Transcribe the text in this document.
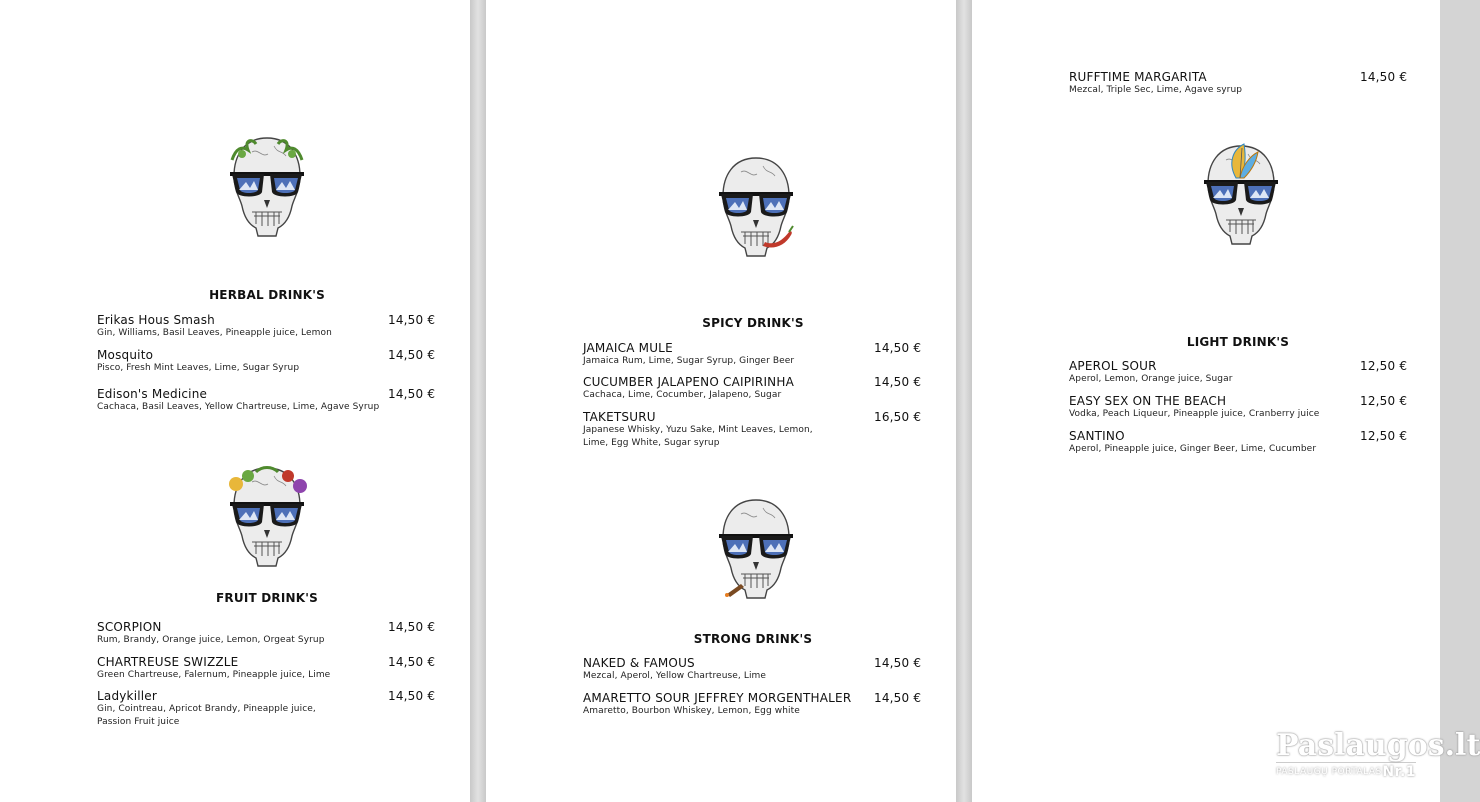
HERBAL DRINK'S
Erikas Hous Smash
Gin, Williams, Basil Leaves, Pineapple juice, Lemon
14,50 €
Mosquito
Pisco, Fresh Mint Leaves, Lime, Sugar Syrup
14,50 €
Edison's Medicine
Cachaca, Basil Leaves, Yellow Chartreuse, Lime, Agave Syrup
14,50 €
FRUIT DRINK'S
SCORPION
Rum, Brandy, Orange juice, Lemon, Orgeat Syrup
14,50 €
CHARTREUSE SWIZZLE
Green Chartreuse, Falernum, Pineapple juice, Lime
14,50 €
Ladykiller
Gin, Cointreau, Apricot Brandy, Pineapple juice, Passion Fruit juice
14,50 €
SPICY DRINK'S
JAMAICA MULE
Jamaica Rum, Lime, Sugar Syrup, Ginger Beer
14,50 €
CUCUMBER JALAPENO CAIPIRINHA
Cachaca, Lime, Cocumber, Jalapeno, Sugar
14,50 €
TAKETSURU
Japanese Whisky, Yuzu Sake, Mint Leaves, Lemon, Lime, Egg White, Sugar syrup
16,50 €
STRONG DRINK'S
NAKED & FAMOUS
Mezcal, Aperol, Yellow Chartreuse, Lime
14,50 €
AMARETTO SOUR JEFFREY MORGENTHALER
Amaretto, Bourbon Whiskey, Lemon, Egg white
14,50 €
RUFFTIME MARGARITA
Mezcal, Triple Sec, Lime, Agave syrup
14,50 €
LIGHT DRINK'S
APEROL SOUR
Aperol, Lemon, Orange juice, Sugar
12,50 €
EASY SEX ON THE BEACH
Vodka, Peach Liqueur, Pineapple juice, Cranberry juice
12,50 €
SANTINO
Aperol, Pineapple juice, Ginger Beer, Lime, Cucumber
12,50 €
Paslaugos.lt
PASLAUGŲ PORTALAS Nr.1
